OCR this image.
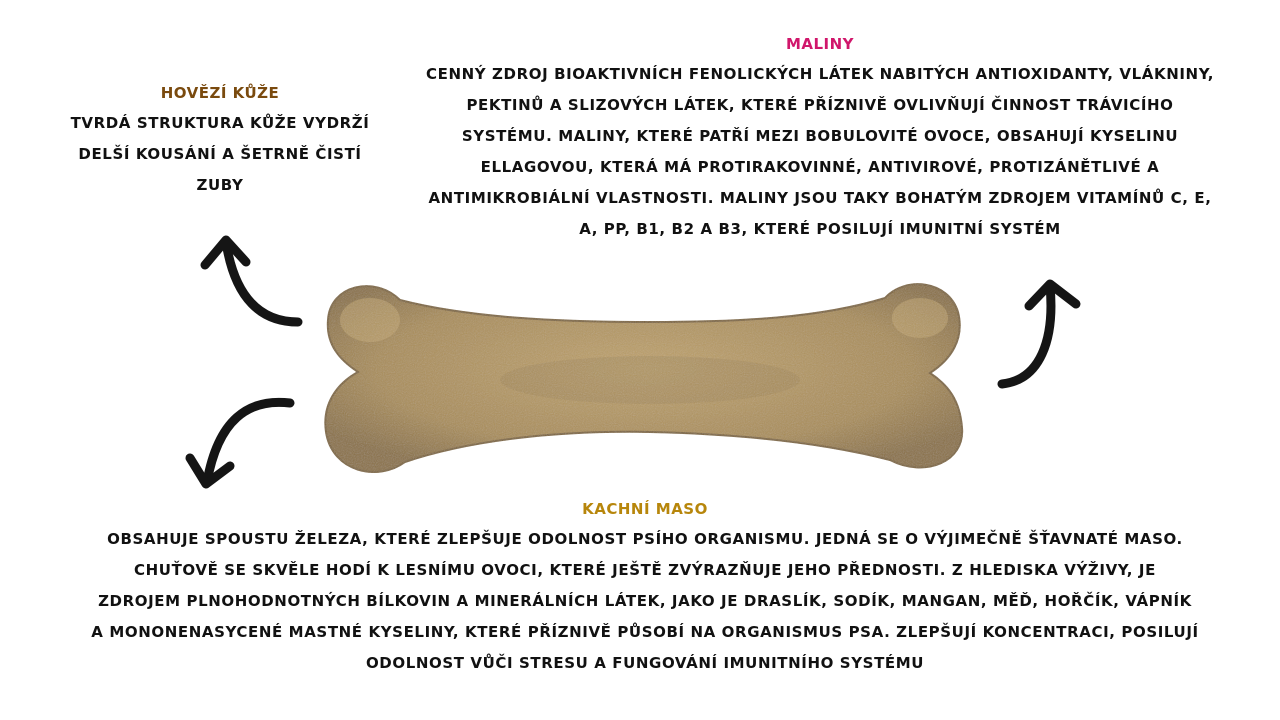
HOVĚZÍ KŮŽE
TVRDÁ STRUKTURA KŮŽE VYDRŽÍ DELŠÍ KOUSÁNÍ A ŠETRNĚ ČISTÍ ZUBY
MALINY
CENNÝ ZDROJ BIOAKTIVNÍCH FENOLICKÝCH LÁTEK NABITÝCH ANTIOXIDANTY, VLÁKNINY, PEKTINŮ A SLIZOVÝCH LÁTEK, KTERÉ PŘÍZNIVĚ OVLIVŇUJÍ ČINNOST TRÁVICÍHO SYSTÉMU. MALINY, KTERÉ PATŘÍ MEZI BOBULOVITÉ OVOCE, OBSAHUJÍ KYSELINU ELLAGOVOU, KTERÁ MÁ PROTIRAKOVINNÉ, ANTIVIROVÉ, PROTIZÁNĚTLIVÉ A ANTIMIKROBIÁLNÍ VLASTNOSTI. MALINY JSOU TAKY BOHATÝM ZDROJEM VITAMÍNŮ C, E, A, PP, B1, B2 A B3, KTERÉ POSILUJÍ IMUNITNÍ SYSTÉM
KACHNÍ MASO
OBSAHUJE SPOUSTU ŽELEZA, KTERÉ ZLEPŠUJE ODOLNOST PSÍHO ORGANISMU. JEDNÁ SE O VÝJIMEČNĚ ŠŤAVNATÉ MASO. CHUŤOVĚ SE SKVĚLE HODÍ K LESNÍMU OVOCI, KTERÉ JEŠTĚ ZVÝRAZŇUJE JEHO PŘEDNOSTI. Z HLEDISKA VÝŽIVY, JE ZDROJEM PLNOHODNOTNÝCH BÍLKOVIN A MINERÁLNÍCH LÁTEK, JAKO JE DRASLÍK, SODÍK, MANGAN, MĚĎ, HOŘČÍK, VÁPNÍK A MONONENASYCENÉ MASTNÉ KYSELINY, KTERÉ PŘÍZNIVĚ PŮSOBÍ NA ORGANISMUS PSA. ZLEPŠUJÍ KONCENTRACI, POSILUJÍ ODOLNOST VŮČI STRESU A FUNGOVÁNÍ IMUNITNÍHO SYSTÉMU
